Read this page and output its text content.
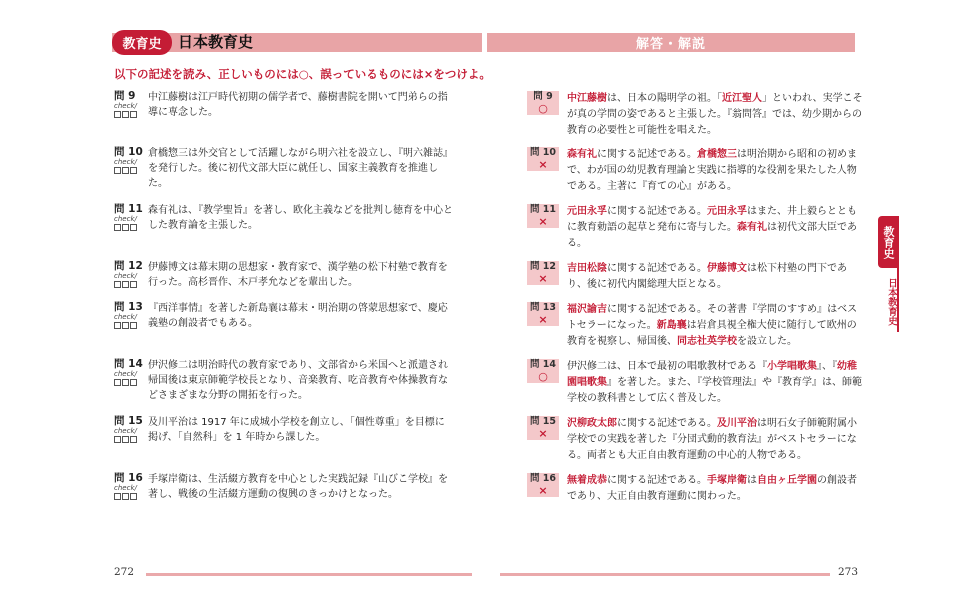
教育史	日本教育史	解答・解説
以下の記述を読み、正しいものには○、誤っているものには×をつけよ。
問 9
check/
中江藤樹は江戸時代初期の儒学者で、藤樹書院を開いて門弟らの指導に専念した。
問 10
check/
倉橋惣三は外交官として活躍しながら明六社を設立し、『明六雑誌』を発行した。後に初代文部大臣に就任し、国家主義教育を推進した。
問 11
check/
森有礼は、『教学聖旨』を著し、欧化主義などを批判し徳育を中心とした教育論を主張した。
問 12
check/
伊藤博文は幕末期の思想家・教育家で、漢学塾の松下村塾で教育を行った。高杉晋作、木戸孝允などを輩出した。
問 13
check/
『西洋事情』を著した新島襄は幕末・明治期の啓蒙思想家で、慶応義塾の創設者でもある。
問 14
check/
伊沢修二は明治時代の教育家であり、文部省から米国へと派遣され帰国後は東京師範学校長となり、音楽教育、吃音教育や体操教育などさまざまな分野の開拓を行った。
問 15
check/
及川平治は 1917 年に成城小学校を創立し、「個性尊重」を目標に掲げ、「自然科」を 1 年時から課した。
問 16
check/
手塚岸衛は、生活綴方教育を中心とした実践記録『山びこ学校』を著し、戦後の生活綴方運動の復興のきっかけとなった。
問 9
○
中江藤樹は、日本の陽明学の祖。「近江聖人」といわれ、実学こそが真の学問の姿であると主張した。『翁問答』では、幼少期からの教育の必要性と可能性を唱えた。
問 10
×
森有礼に関する記述である。倉橋惣三は明治期から昭和の初めまで、わが国の幼児教育理論と実践に指導的な役割を果たした人物である。主著に『育ての心』がある。
問 11
×
元田永孚に関する記述である。元田永孚はまた、井上毅らとともに教育勅語の起草と発布に寄与した。森有礼は初代文部大臣である。
問 12
×
吉田松陰に関する記述である。伊藤博文は松下村塾の門下であり、後に初代内閣総理大臣となる。
問 13
×
福沢諭吉に関する記述である。その著書『学問のすすめ』はベストセラーになった。新島襄は岩倉具視全権大使に随行して欧州の教育を視察し、帰国後、同志社英学校を設立した。
問 14
○
伊沢修二は、日本で最初の唱歌教材である『小学唱歌集』、『幼稚園唱歌集』を著した。また、『学校管理法』や『教育学』は、師範学校の教科書として広く普及した。
問 15
×
沢柳政太郎に関する記述である。及川平治は明石女子師範附属小学校での実践を著した『分団式動的教育法』がベストセラーになる。両者とも大正自由教育運動の中心的人物である。
問 16
×
無着成恭に関する記述である。手塚岸衛は自由ヶ丘学園の創設者であり、大正自由教育運動に関わった。
教育史
日本教育史
272	273
